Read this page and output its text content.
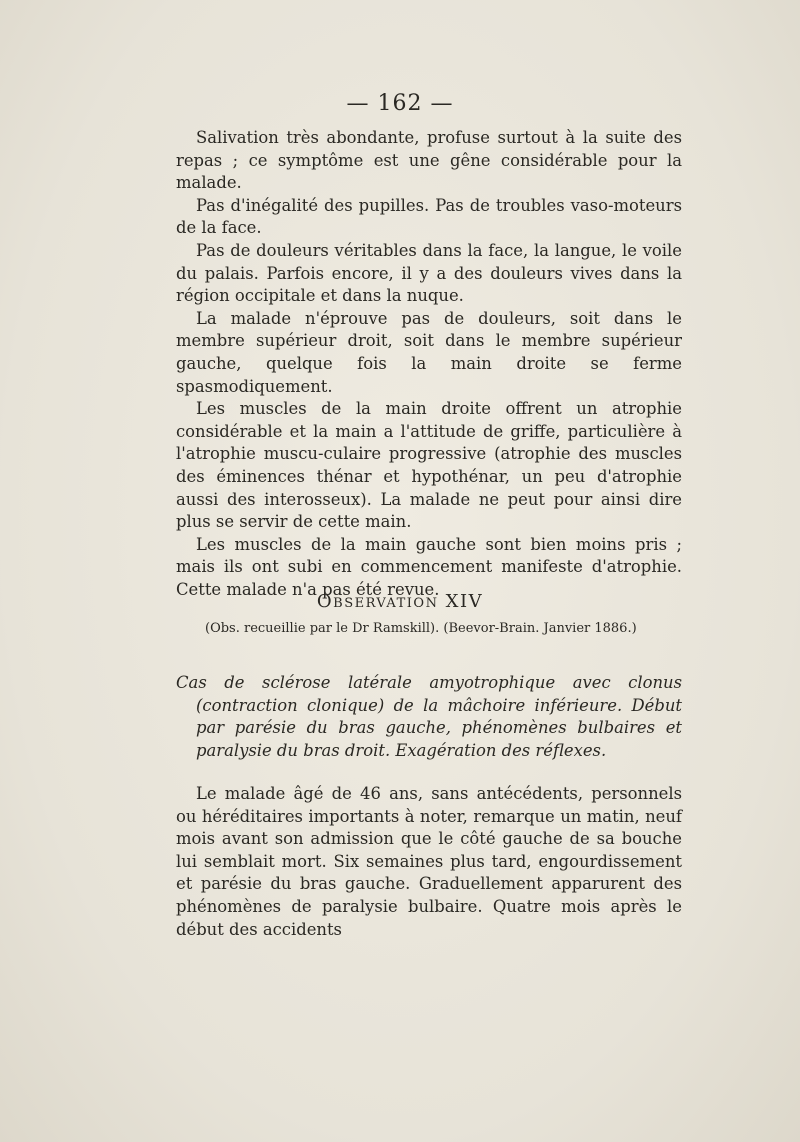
— 162 —

Salivation très abondante, profuse surtout à la suite des repas ; ce symptôme est une gêne considérable pour la malade.

Pas d'inégalité des pupilles. Pas de troubles vaso-moteurs de la face.

Pas de douleurs véritables dans la face, la langue, le voile du palais. Parfois encore, il y a des douleurs vives dans la région occipitale et dans la nuque.

La malade n'éprouve pas de douleurs, soit dans le membre supérieur droit, soit dans le membre supérieur gauche, quelque fois la main droite se ferme spasmodiquement.

Les muscles de la main droite offrent un atrophie considérable et la main a l'attitude de griffe, particulière à l'atrophie muscu-culaire progressive (atrophie des muscles des éminences thénar et hypothénar, un peu d'atrophie aussi des interosseux). La malade ne peut pour ainsi dire plus se servir de cette main.

Les muscles de la main gauche sont bien moins pris ; mais ils ont subi en commencement manifeste d'atrophie. Cette malade n'a pas été revue.

Observation XIV
(Obs. recueillie par le Dr Ramskill). (Beevor-Brain. Janvier 1886.)

Cas de sclérose latérale amyotrophique avec clonus (contraction clonique) de la mâchoire inférieure. Début par parésie du bras gauche, phénomènes bulbaires et paralysie du bras droit. Exagération des réflexes.

Le malade âgé de 46 ans, sans antécédents, personnels ou héréditaires importants à noter, remarque un matin, neuf mois avant son admission que le côté gauche de sa bouche lui semblait mort. Six semaines plus tard, engourdissement et parésie du bras gauche. Graduellement apparurent des phénomènes de paralysie bulbaire. Quatre mois après le début des accidents
